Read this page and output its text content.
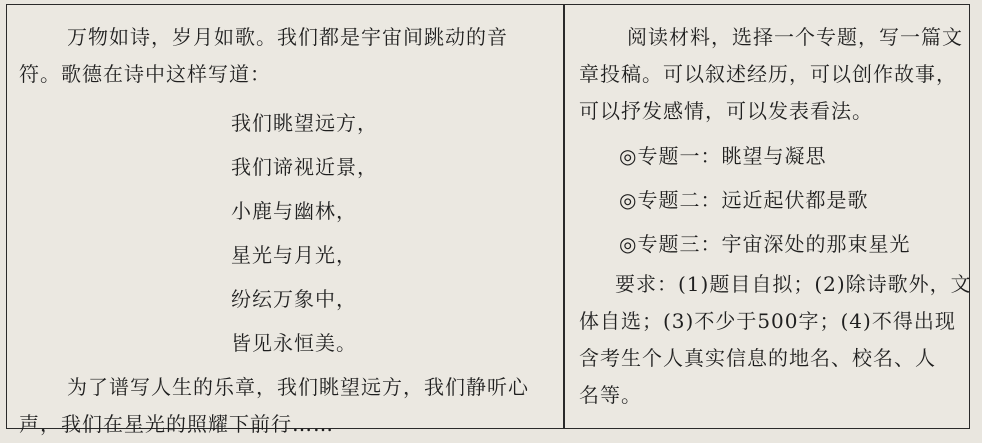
万物如诗，岁月如歌。我们都是宇宙间跳动的音
符。歌德在诗中这样写道：
我们眺望远方，
我们谛视近景，
小鹿与幽林，
星光与月光，
纷纭万象中，
皆见永恒美。
为了谱写人生的乐章，我们眺望远方，我们静听心
声，我们在星光的照耀下前行……
阅读材料，选择一个专题，写一篇文
章投稿。可以叙述经历，可以创作故事，
可以抒发感情，可以发表看法。
◎专题一：眺望与凝思
◎专题二：远近起伏都是歌
◎专题三：宇宙深处的那束星光
要求：(1)题目自拟；(2)除诗歌外，文
体自选；(3)不少于500字；(4)不得出现
含考生个人真实信息的地名、校名、人
名等。
